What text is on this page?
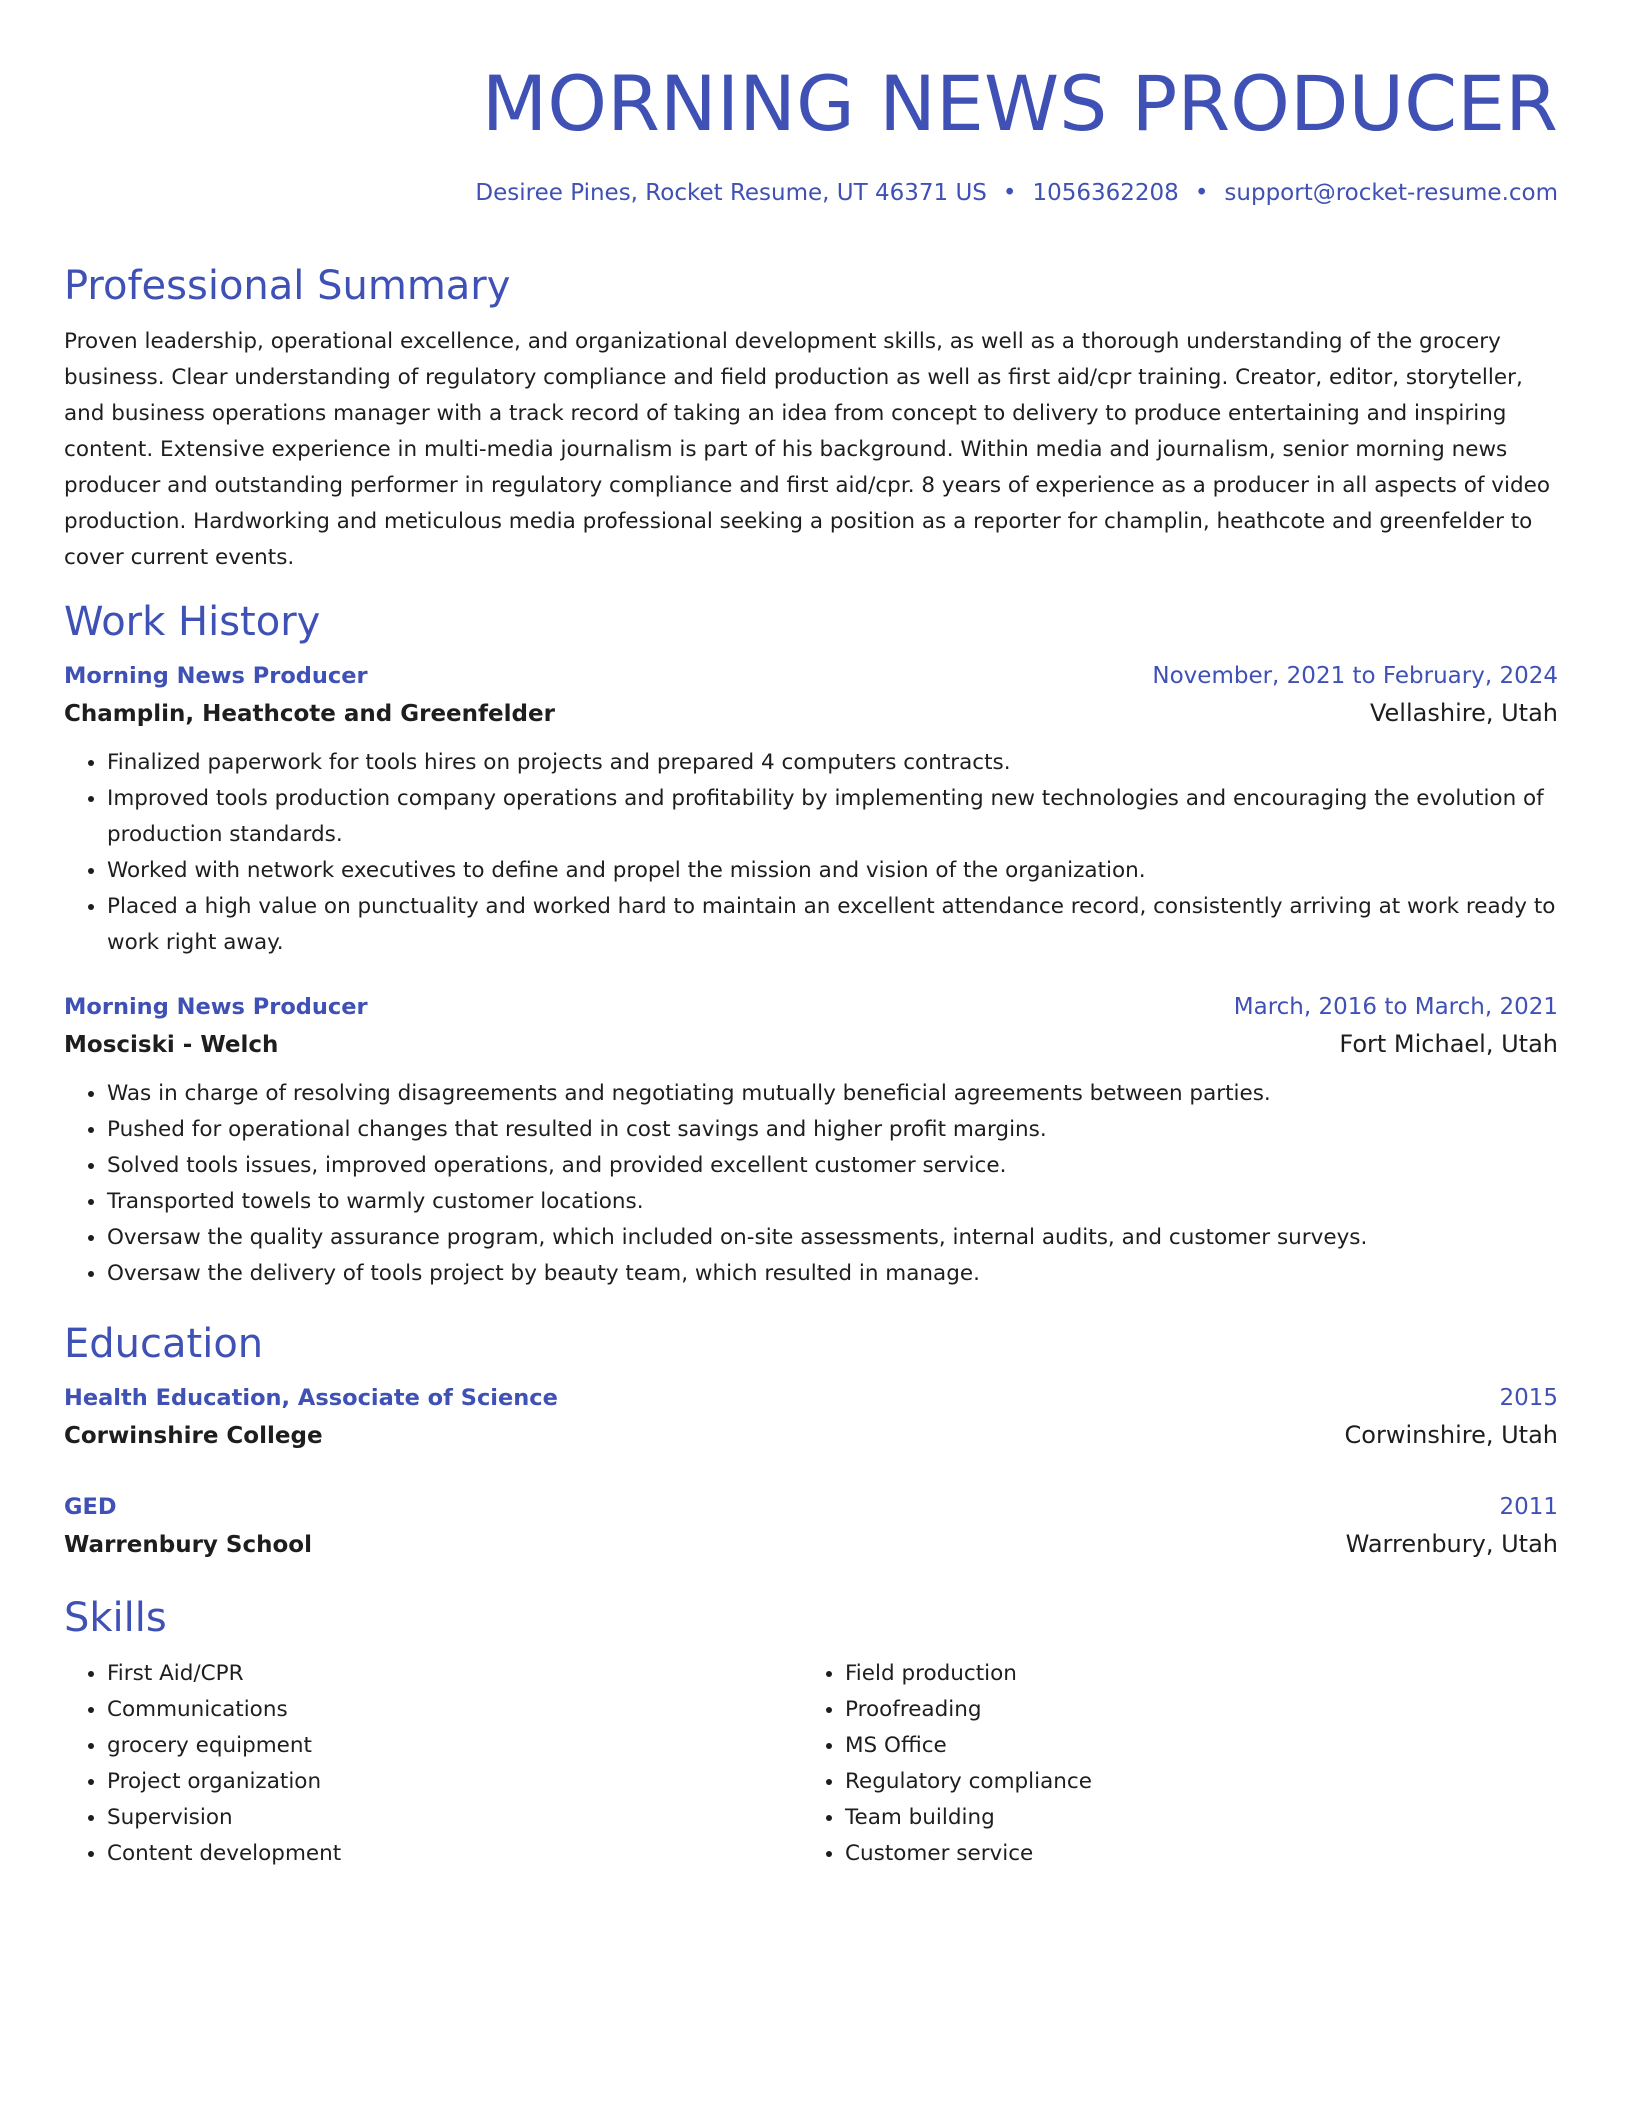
MORNING NEWS PRODUCER
Desiree Pines, Rocket Resume, UT 46371 US • 1056362208 • support@rocket-resume.com
Professional Summary
Proven leadership, operational excellence, and organizational development skills, as well as a thorough understanding of the grocery business. Clear understanding of regulatory compliance and field production as well as first aid/cpr training. Creator, editor, storyteller, and business operations manager with a track record of taking an idea from concept to delivery to produce entertaining and inspiring content. Extensive experience in multi-media journalism is part of his background. Within media and journalism, senior morning news producer and outstanding performer in regulatory compliance and first aid/cpr. 8 years of experience as a producer in all aspects of video production. Hardworking and meticulous media professional seeking a position as a reporter for champlin, heathcote and greenfelder to cover current events.
Work History
Morning News Producer	November, 2021 to February, 2024
Champlin, Heathcote and Greenfelder	Vellashire, Utah
• Finalized paperwork for tools hires on projects and prepared 4 computers contracts.
• Improved tools production company operations and profitability by implementing new technologies and encouraging the evolution of production standards.
• Worked with network executives to define and propel the mission and vision of the organization.
• Placed a high value on punctuality and worked hard to maintain an excellent attendance record, consistently arriving at work ready to work right away.
Morning News Producer	March, 2016 to March, 2021
Mosciski - Welch	Fort Michael, Utah
• Was in charge of resolving disagreements and negotiating mutually beneficial agreements between parties.
• Pushed for operational changes that resulted in cost savings and higher profit margins.
• Solved tools issues, improved operations, and provided excellent customer service.
• Transported towels to warmly customer locations.
• Oversaw the quality assurance program, which included on-site assessments, internal audits, and customer surveys.
• Oversaw the delivery of tools project by beauty team, which resulted in manage.
Education
Health Education, Associate of Science	2015
Corwinshire College	Corwinshire, Utah
GED	2011
Warrenbury School	Warrenbury, Utah
Skills
• First Aid/CPR
• Communications
• grocery equipment
• Project organization
• Supervision
• Content development
• Field production
• Proofreading
• MS Office
• Regulatory compliance
• Team building
• Customer service
